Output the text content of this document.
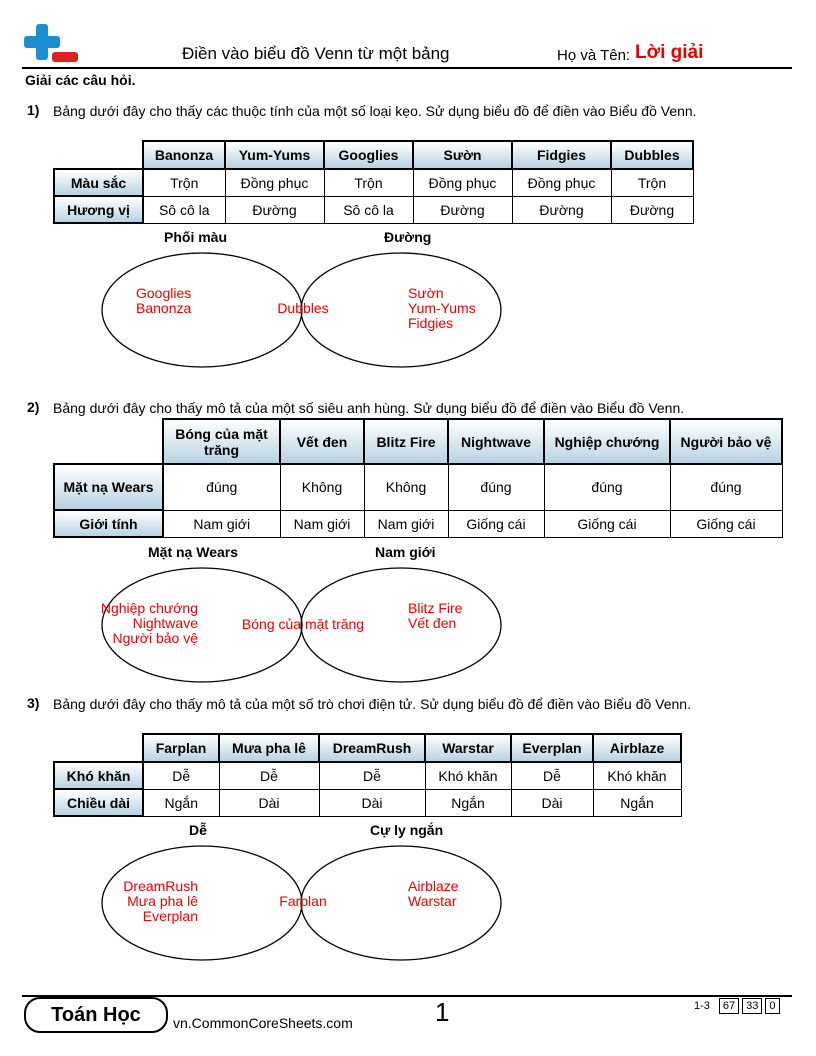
Điền vào biểu đồ Venn từ một bảng	Họ và Tên: Lời giải
Giải các câu hỏi.
1) Bảng dưới đây cho thấy các thuộc tính của một số loại kẹo. Sử dụng biểu đồ để điền vào Biểu đồ Venn.
	Banonza	Yum-Yums	Googlies	Sườn	Fidgies	Dubbles
Màu sắc	Trộn	Đồng phục	Trộn	Đồng phục	Đồng phục	Trộn
Hương vị	Sô cô la	Đường	Sô cô la	Đường	Đường	Đường
Phối màu	Đường
Googlies
Banonza	Dubbles
Sườn
Yum-Yums
Fidgies
2) Bảng dưới đây cho thấy mô tả của một số siêu anh hùng. Sử dụng biểu đồ để điền vào Biểu đồ Venn.
	Bóng của mặt trăng	Vết đen	Blitz Fire	Nightwave	Nghiệp chướng	Người bảo vệ
Mặt nạ Wears	đúng	Không	Không	đúng	đúng	đúng
Giới tính	Nam giới	Nam giới	Nam giới	Giống cái	Giống cái	Giống cái
Mặt nạ Wears	Nam giới
Nghiệp chướng
Nightwave
Người bảo vệ
Bóng của mặt trăng
Blitz Fire
Vết đen
3) Bảng dưới đây cho thấy mô tả của một số trò chơi điện tử. Sử dụng biểu đồ để điền vào Biểu đồ Venn.
	Farplan	Mưa pha lê	DreamRush	Warstar	Everplan	Airblaze
Khó khăn	Dễ	Dễ	Dễ	Khó khăn	Dễ	Khó khăn
Chiều dài	Ngắn	Dài	Dài	Ngắn	Dài	Ngắn
Dễ	Cự ly ngắn
DreamRush
Mưa pha lê
Everplan
Farplan
Airblaze
Warstar
Toán Học	vn.CommonCoreSheets.com	1	1-3	67	33	0
